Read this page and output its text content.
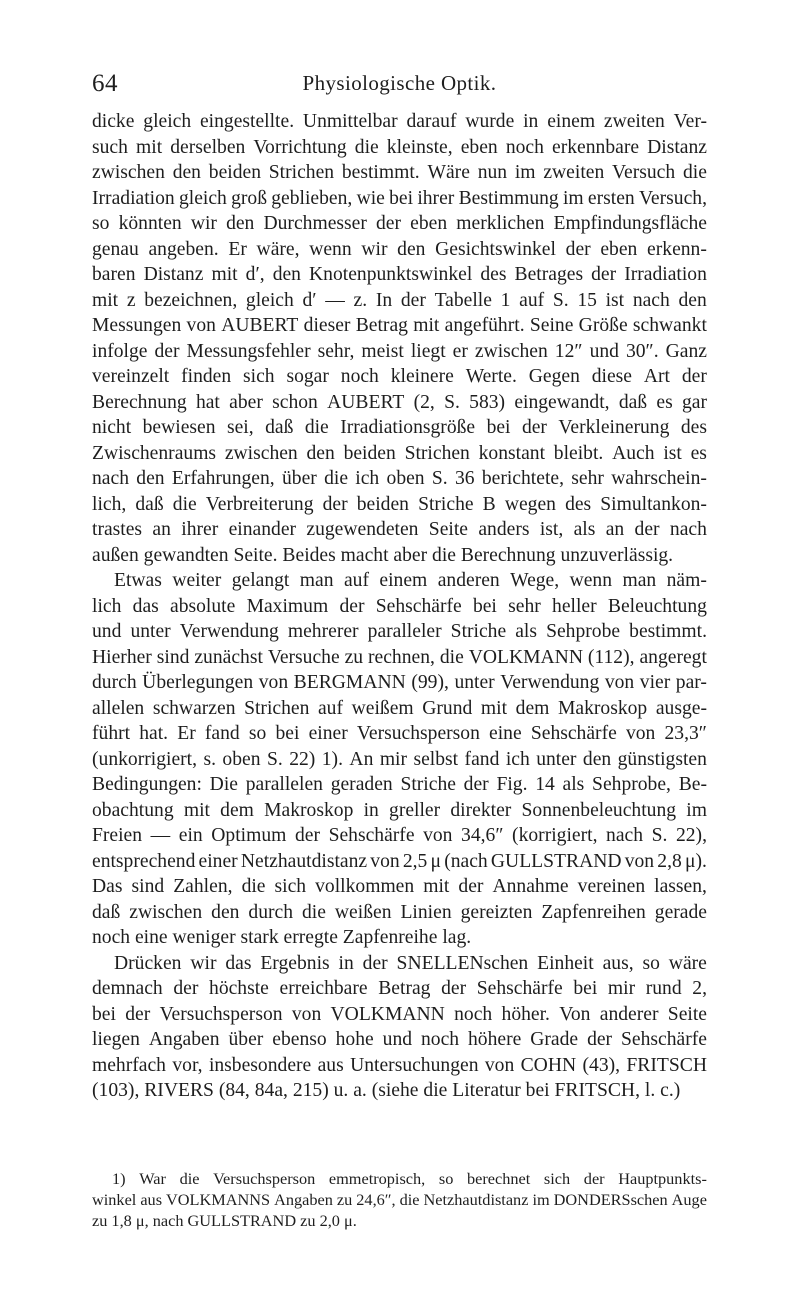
64	Physiologische Optik.
dicke gleich eingestellte. Unmittelbar darauf wurde in einem zweiten Ver-
such mit derselben Vorrichtung die kleinste, eben noch erkennbare Distanz
zwischen den beiden Strichen bestimmt. Wäre nun im zweiten Versuch die
Irradiation gleich groß geblieben, wie bei ihrer Bestimmung im ersten Versuch,
so könnten wir den Durchmesser der eben merklichen Empfindungsfläche
genau angeben. Er wäre, wenn wir den Gesichtswinkel der eben erkenn-
baren Distanz mit d′, den Knotenpunktswinkel des Betrages der Irradiation
mit z bezeichnen, gleich d′ — z. In der Tabelle 1 auf S. 15 ist nach den
Messungen von AUBERT dieser Betrag mit angeführt. Seine Größe schwankt
infolge der Messungsfehler sehr, meist liegt er zwischen 12″ und 30″. Ganz
vereinzelt finden sich sogar noch kleinere Werte. Gegen diese Art der
Berechnung hat aber schon AUBERT (2, S. 583) eingewandt, daß es gar
nicht bewiesen sei, daß die Irradiationsgröße bei der Verkleinerung des
Zwischenraums zwischen den beiden Strichen konstant bleibt. Auch ist es
nach den Erfahrungen, über die ich oben S. 36 berichtete, sehr wahrschein-
lich, daß die Verbreiterung der beiden Striche B wegen des Simultankon-
trastes an ihrer einander zugewendeten Seite anders ist, als an der nach
außen gewandten Seite. Beides macht aber die Berechnung unzuverlässig.
Etwas weiter gelangt man auf einem anderen Wege, wenn man näm-
lich das absolute Maximum der Sehschärfe bei sehr heller Beleuchtung
und unter Verwendung mehrerer paralleler Striche als Sehprobe bestimmt.
Hierher sind zunächst Versuche zu rechnen, die VOLKMANN (112), angeregt
durch Überlegungen von BERGMANN (99), unter Verwendung von vier par-
allelen schwarzen Strichen auf weißem Grund mit dem Makroskop ausge-
führt hat. Er fand so bei einer Versuchsperson eine Sehschärfe von 23,3″
(unkorrigiert, s. oben S. 22) 1). An mir selbst fand ich unter den günstigsten
Bedingungen: Die parallelen geraden Striche der Fig. 14 als Sehprobe, Be-
obachtung mit dem Makroskop in greller direkter Sonnenbeleuchtung im
Freien — ein Optimum der Sehschärfe von 34,6″ (korrigiert, nach S. 22),
entsprechend einer Netzhautdistanz von 2,5 μ (nach GULLSTRAND von 2,8 μ).
Das sind Zahlen, die sich vollkommen mit der Annahme vereinen lassen,
daß zwischen den durch die weißen Linien gereizten Zapfenreihen gerade
noch eine weniger stark erregte Zapfenreihe lag.
Drücken wir das Ergebnis in der SNELLENschen Einheit aus, so wäre
demnach der höchste erreichbare Betrag der Sehschärfe bei mir rund 2,
bei der Versuchsperson von VOLKMANN noch höher. Von anderer Seite
liegen Angaben über ebenso hohe und noch höhere Grade der Sehschärfe
mehrfach vor, insbesondere aus Untersuchungen von COHN (43), FRITSCH
(103), RIVERS (84, 84a, 215) u. a. (siehe die Literatur bei FRITSCH, l. c.)
1) War die Versuchsperson emmetropisch, so berechnet sich der Hauptpunkts-
winkel aus VOLKMANNS Angaben zu 24,6″, die Netzhautdistanz im DONDERSschen Auge
zu 1,8 μ, nach GULLSTRAND zu 2,0 μ.
